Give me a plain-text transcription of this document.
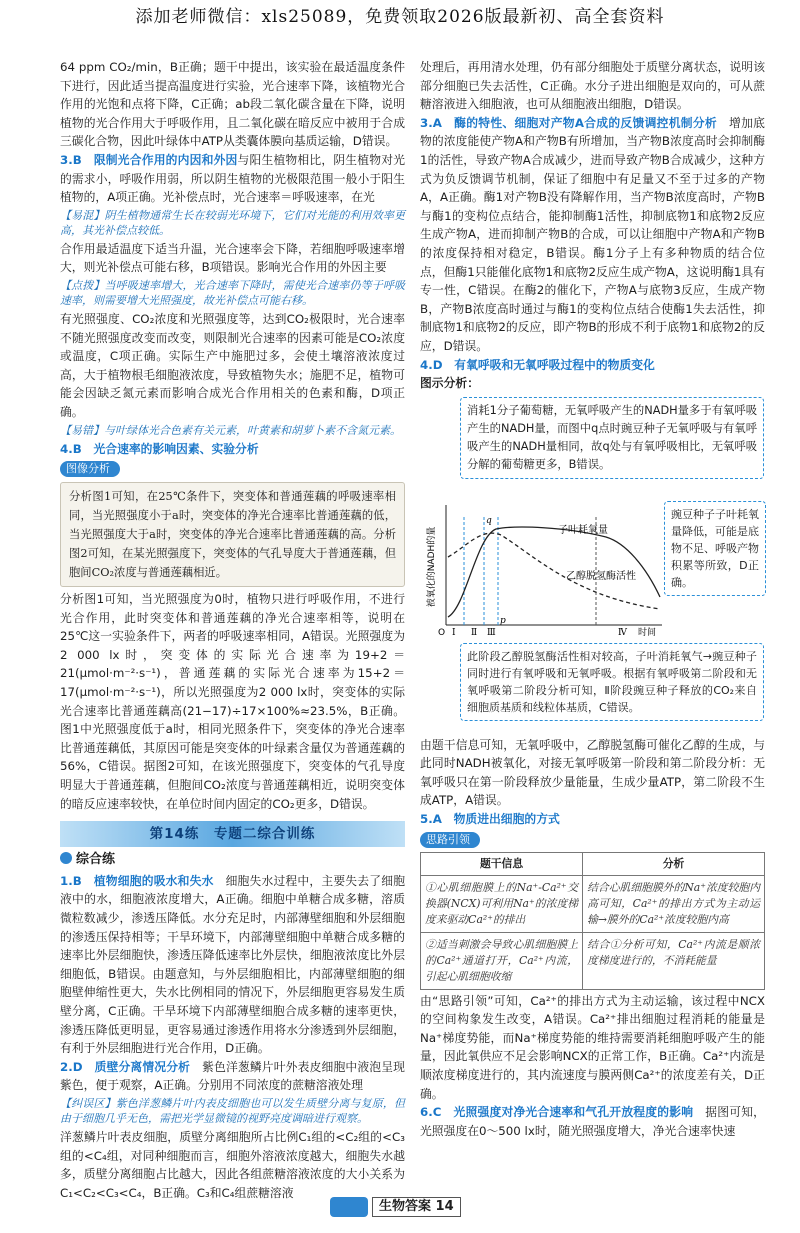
添加老师微信：xls25089，免费领取2026版最新初、高全套资料

64 ppm CO₂/min，B正确；题干中提出，该实验在最适温度条件下进行，因此适当提高温度进行实验，光合速率下降，该植物光合作用的光饱和点将下降，C正确；ab段二氧化碳含量在下降，说明植物的光合作用大于呼吸作用，且二氧化碳在暗反应中被用于合成三碳化合物，因此叶绿体中ATP从类囊体膜向基质运输，D错误。

3.B　限制光合作用的内因和外因与阳生植物相比，阴生植物对光的需求小，呼吸作用弱，所以阴生植物的光极限范围一般小于阳生植物的，A项正确。光补偿点时，光合速率＝呼吸速率，在光

【易混】阴生植物通常生长在较弱光环境下，它们对光能的利用效率更高，其光补偿点较低。

合作用最适温度下适当升温，光合速率会下降，若细胞呼吸速率增大，则光补偿点可能右移，B项错误。影响光合作用的外因主要

【点拨】当呼吸速率增大，光合速率下降时，需使光合速率仍等于呼吸速率，则需要增大光照强度，故光补偿点可能右移。

有光照强度、CO₂浓度和光照强度等，达到CO₂极限时，光合速率不随光照强度改变而改变，则限制光合速率的因素可能是CO₂浓度或温度，C项正确。实际生产中施肥过多，会使土壤溶液浓度过高，大于植物根毛细胞液浓度，导致植物失水；施肥不足，植物可能会因缺乏氮元素而影响合成光合作用相关的色素和酶，D项正确。

【易错】与叶绿体光合色素有关元素，叶黄素和胡萝卜素不含氮元素。

4.B　光合速率的影响因素、实验分析

图像分析
分析图1可知，在25℃条件下，突变体和普通莲藕的呼吸速率相同，当光照强度小于a时，突变体的净光合速率比普通莲藕的低，当光照强度大于a时，突变体的净光合速率比普通莲藕的高。分析图2可知，在某光照强度下，突变体的气孔导度大于普通莲藕，但胞间CO₂浓度与普通莲藕相近。

分析图1可知，当光照强度为0时，植物只进行呼吸作用，不进行光合作用，此时突变体和普通莲藕的净光合速率相等，说明在25℃这一实验条件下，两者的呼吸速率相同，A错误。光照强度为2 000 lx时，突变体的实际光合速率为19+2＝21(μmol·m⁻²·s⁻¹)，普通莲藕的实际光合速率为15+2＝17(μmol·m⁻²·s⁻¹)，所以光照强度为2 000 lx时，突变体的实际光合速率比普通莲藕高(21−17)÷17×100%≈23.5%，B正确。图1中光照强度低于a时，相同光照条件下，突变体的净光合速率比普通莲藕低，其原因可能是突变体的叶绿素含量仅为普通莲藕的56%，C错误。据图2可知，在该光照强度下，突变体的气孔导度明显大于普通莲藕，但胞间CO₂浓度与普通莲藕相近，说明突变体的暗反应速率较快，在单位时间内固定的CO₂更多，D错误。

第14练　专题二综合训练
综合练

1.B　植物细胞的吸水和失水　 细胞失水过程中，主要失去了细胞液中的水，细胞液浓度增大，A正确。细胞中单糖合成多糖，溶质微粒数减少，渗透压降低。水分充足时，内部薄壁细胞和外层细胞的渗透压保持相等；干旱环境下，内部薄壁细胞中单糖合成多糖的速率比外层细胞快，渗透压降低速率比外层快，细胞液浓度比外层细胞低，B错误。由题意知，与外层细胞相比，内部薄壁细胞的细胞壁伸缩性更大，失水比例相同的情况下，外层细胞更容易发生质壁分离，C正确。干旱环境下内部薄壁细胞合成多糖的速率更快，渗透压降低更明显，更容易通过渗透作用将水分渗透到外层细胞，有利于外层细胞进行光合作用，D正确。

2.D　质壁分离情况分析　 紫色洋葱鳞片叶外表皮细胞中液泡呈现紫色，便于观察，A正确。分别用不同浓度的蔗糖溶液处理

【纠误区】紫色洋葱鳞片叶内表皮细胞也可以发生质壁分离与复原，但由于细胞几乎无色，需把光学显微镜的视野亮度调暗进行观察。

洋葱鳞片叶表皮细胞，质壁分离细胞所占比例C₁组的<C₂组的<C₃组的<C₄组，对同种细胞而言，细胞外溶液浓度越大，细胞失水越多，质壁分离细胞占比越大，因此各组蔗糖溶液浓度的大小关系为C₁<C₂<C₃<C₄，B正确。C₃和C₄组蔗糖溶液

处理后，再用清水处理，仍有部分细胞处于质壁分离状态，说明该部分细胞已失去活性，C正确。水分子进出细胞是双向的，可从蔗糖溶液进入细胞液，也可从细胞液出细胞，D错误。

3.A　酶的特性、细胞对产物A合成的反馈调控机制分析　 增加底物的浓度能使产物A和产物B有所增加，当产物B浓度高时会抑制酶1的活性，导致产物A合成减少，进而导致产物B合成减少，这种方式为负反馈调节机制，保证了细胞中有足量又不至于过多的产物A，A正确。酶1对产物B没有降解作用，当产物B浓度高时，产物B与酶1的变构位点结合，能抑制酶1活性，抑制底物1和底物2反应生成产物A，进而抑制产物B的合成，可以让细胞中产物A和产物B的浓度保持相对稳定，B错误。酶1分子上有多种物质的结合位点，但酶1只能催化底物1和底物2反应生成产物A，这说明酶1具有专一性，C错误。在酶2的催化下，产物A与底物3反应，生成产物B，产物B浓度高时通过与酶1的变构位点结合使酶1失去活性，抑制底物1和底物2的反应，即产物B的形成不利于底物1和底物2的反应，D错误。

4.D　有氧呼吸和无氧呼吸过程中的物质变化

图示分析：

消耗1分子葡萄糖，无氧呼吸产生的NADH量多于有氧呼吸产生的NADH量，而图中q点时豌豆种子无氧呼吸与有氧呼吸产生的NADH量相同，故q处与有氧呼吸相比，无氧呼吸分解的葡萄糖更多，B错误。
豌豆种子子叶耗氧量降低，可能是底物不足、呼吸产物积累等所致，D正确。
子叶耗氧量
乙醇脱氢酶活性
O Ⅰ Ⅱ Ⅲ	Ⅳ 时间
q
p
被氧化的NADH的量
此阶段乙醇脱氢酶活性相对较高，子叶消耗氧气→豌豆种子同时进行有氧呼吸和无氧呼吸。根据有氧呼吸第二阶段和无氧呼吸第二阶段分析可知，Ⅱ阶段豌豆种子释放的CO₂来自细胞质基质和线粒体基质，C错误。

由题干信息可知，无氧呼吸中，乙醇脱氢酶可催化乙醇的生成，与此同时NADH被氧化，对接无氧呼吸第一阶段和第二阶段分析：无氧呼吸只在第一阶段释放少量能量，生成少量ATP，第二阶段不生成ATP，A错误。

5.A　物质进出细胞的方式

思路引领
题干信息	分析
①心肌细胞膜上的Na⁺-Ca²⁺交换器(NCX)可利用Na⁺的浓度梯度来驱动Ca²⁺的排出	结合心肌细胞膜外的Na⁺浓度较胞内高可知，Ca²⁺的排出方式为主动运输→膜外的Ca²⁺浓度较胞内高
②适当刺激会导致心肌细胞膜上的Ca²⁺通道打开，Ca²⁺内流，引起心肌细胞收缩	结合①分析可知，Ca²⁺内流是顺浓度梯度进行的，不消耗能量

由“思路引领”可知，Ca²⁺的排出方式为主动运输，该过程中NCX的空间构象发生改变，A错误。Ca²⁺排出细胞过程消耗的能量是Na⁺梯度势能，而Na⁺梯度势能的维持需要消耗细胞呼吸产生的能量，因此氧供应不足会影响NCX的正常工作，B正确。Ca²⁺内流是顺浓度梯度进行的，其内流速度与膜两侧Ca²⁺的浓度差有关，D正确。

6.C　光照强度对净光合速率和气孔开放程度的影响　 据图可知，光照强度在0～500 lx时，随光照强度增大，净光合速率快速

生物答案 14
